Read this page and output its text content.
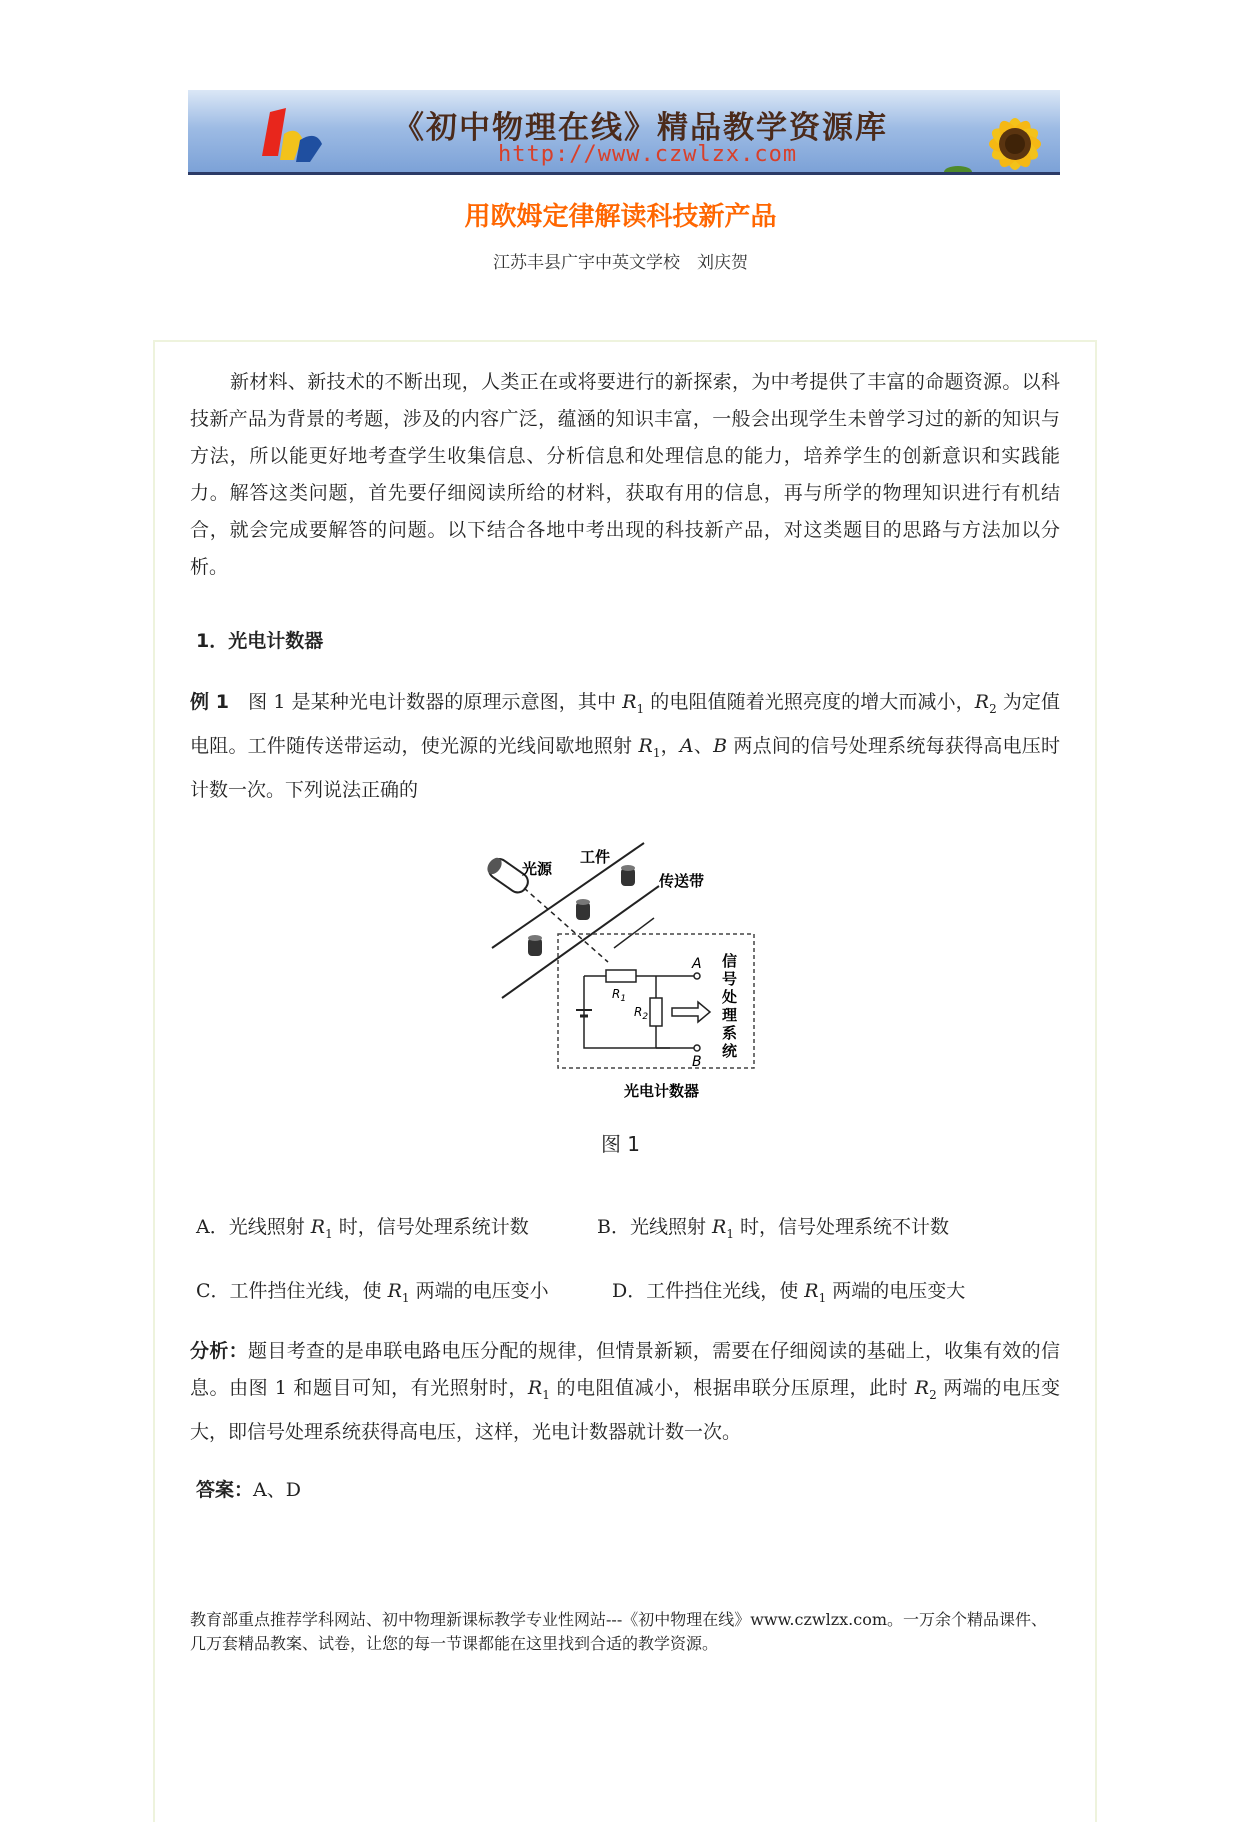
《初中物理在线》精品教学资源库
http://www.czwlzx.com
用欧姆定律解读科技新产品
江苏丰县广宇中英文学校　刘庆贺
新材料、新技术的不断出现，人类正在或将要进行的新探索，为中考提供了丰富的命题资源。以科技新产品为背景的考题，涉及的内容广泛，蕴涵的知识丰富，一般会出现学生未曾学习过的新的知识与方法，所以能更好地考查学生收集信息、分析信息和处理信息的能力，培养学生的创新意识和实践能力。解答这类问题，首先要仔细阅读所给的材料，获取有用的信息，再与所学的物理知识进行有机结合，就会完成要解答的问题。以下结合各地中考出现的科技新产品，对这类题目的思路与方法加以分析。
1．光电计数器
例 1　图 1 是某种光电计数器的原理示意图，其中 $R_1$ 的电阻值随着光照亮度的增大而减小，$R_2$ 为定值电阻。工件随传送带运动，使光源的光线间歇地照射 $R_1$，A、B 两点间的信号处理系统每获得高电压时计数一次。下列说法正确的
光源
工件
传送带
A
B
$R_1$
$R_2$
信
号
处
理
系
统
光电计数器
图 1
A．光线照射 $R_1$ 时，信号处理系统计数	B．光线照射 $R_1$ 时，信号处理系统不计数
C．工件挡住光线，使 $R_1$ 两端的电压变小	D．工件挡住光线，使 $R_1$ 两端的电压变大
分析：题目考查的是串联电路电压分配的规律，但情景新颖，需要在仔细阅读的基础上，收集有效的信息。由图 1 和题目可知，有光照射时，$R_1$ 的电阻值减小，根据串联分压原理，此时 $R_2$ 两端的电压变大，即信号处理系统获得高电压，这样，光电计数器就计数一次。
答案：A、D
教育部重点推荐学科网站、初中物理新课标教学专业性网站---《初中物理在线》www.czwlzx.com。一万余个精品课件、几万套精品教案、试卷，让您的每一节课都能在这里找到合适的教学资源。
